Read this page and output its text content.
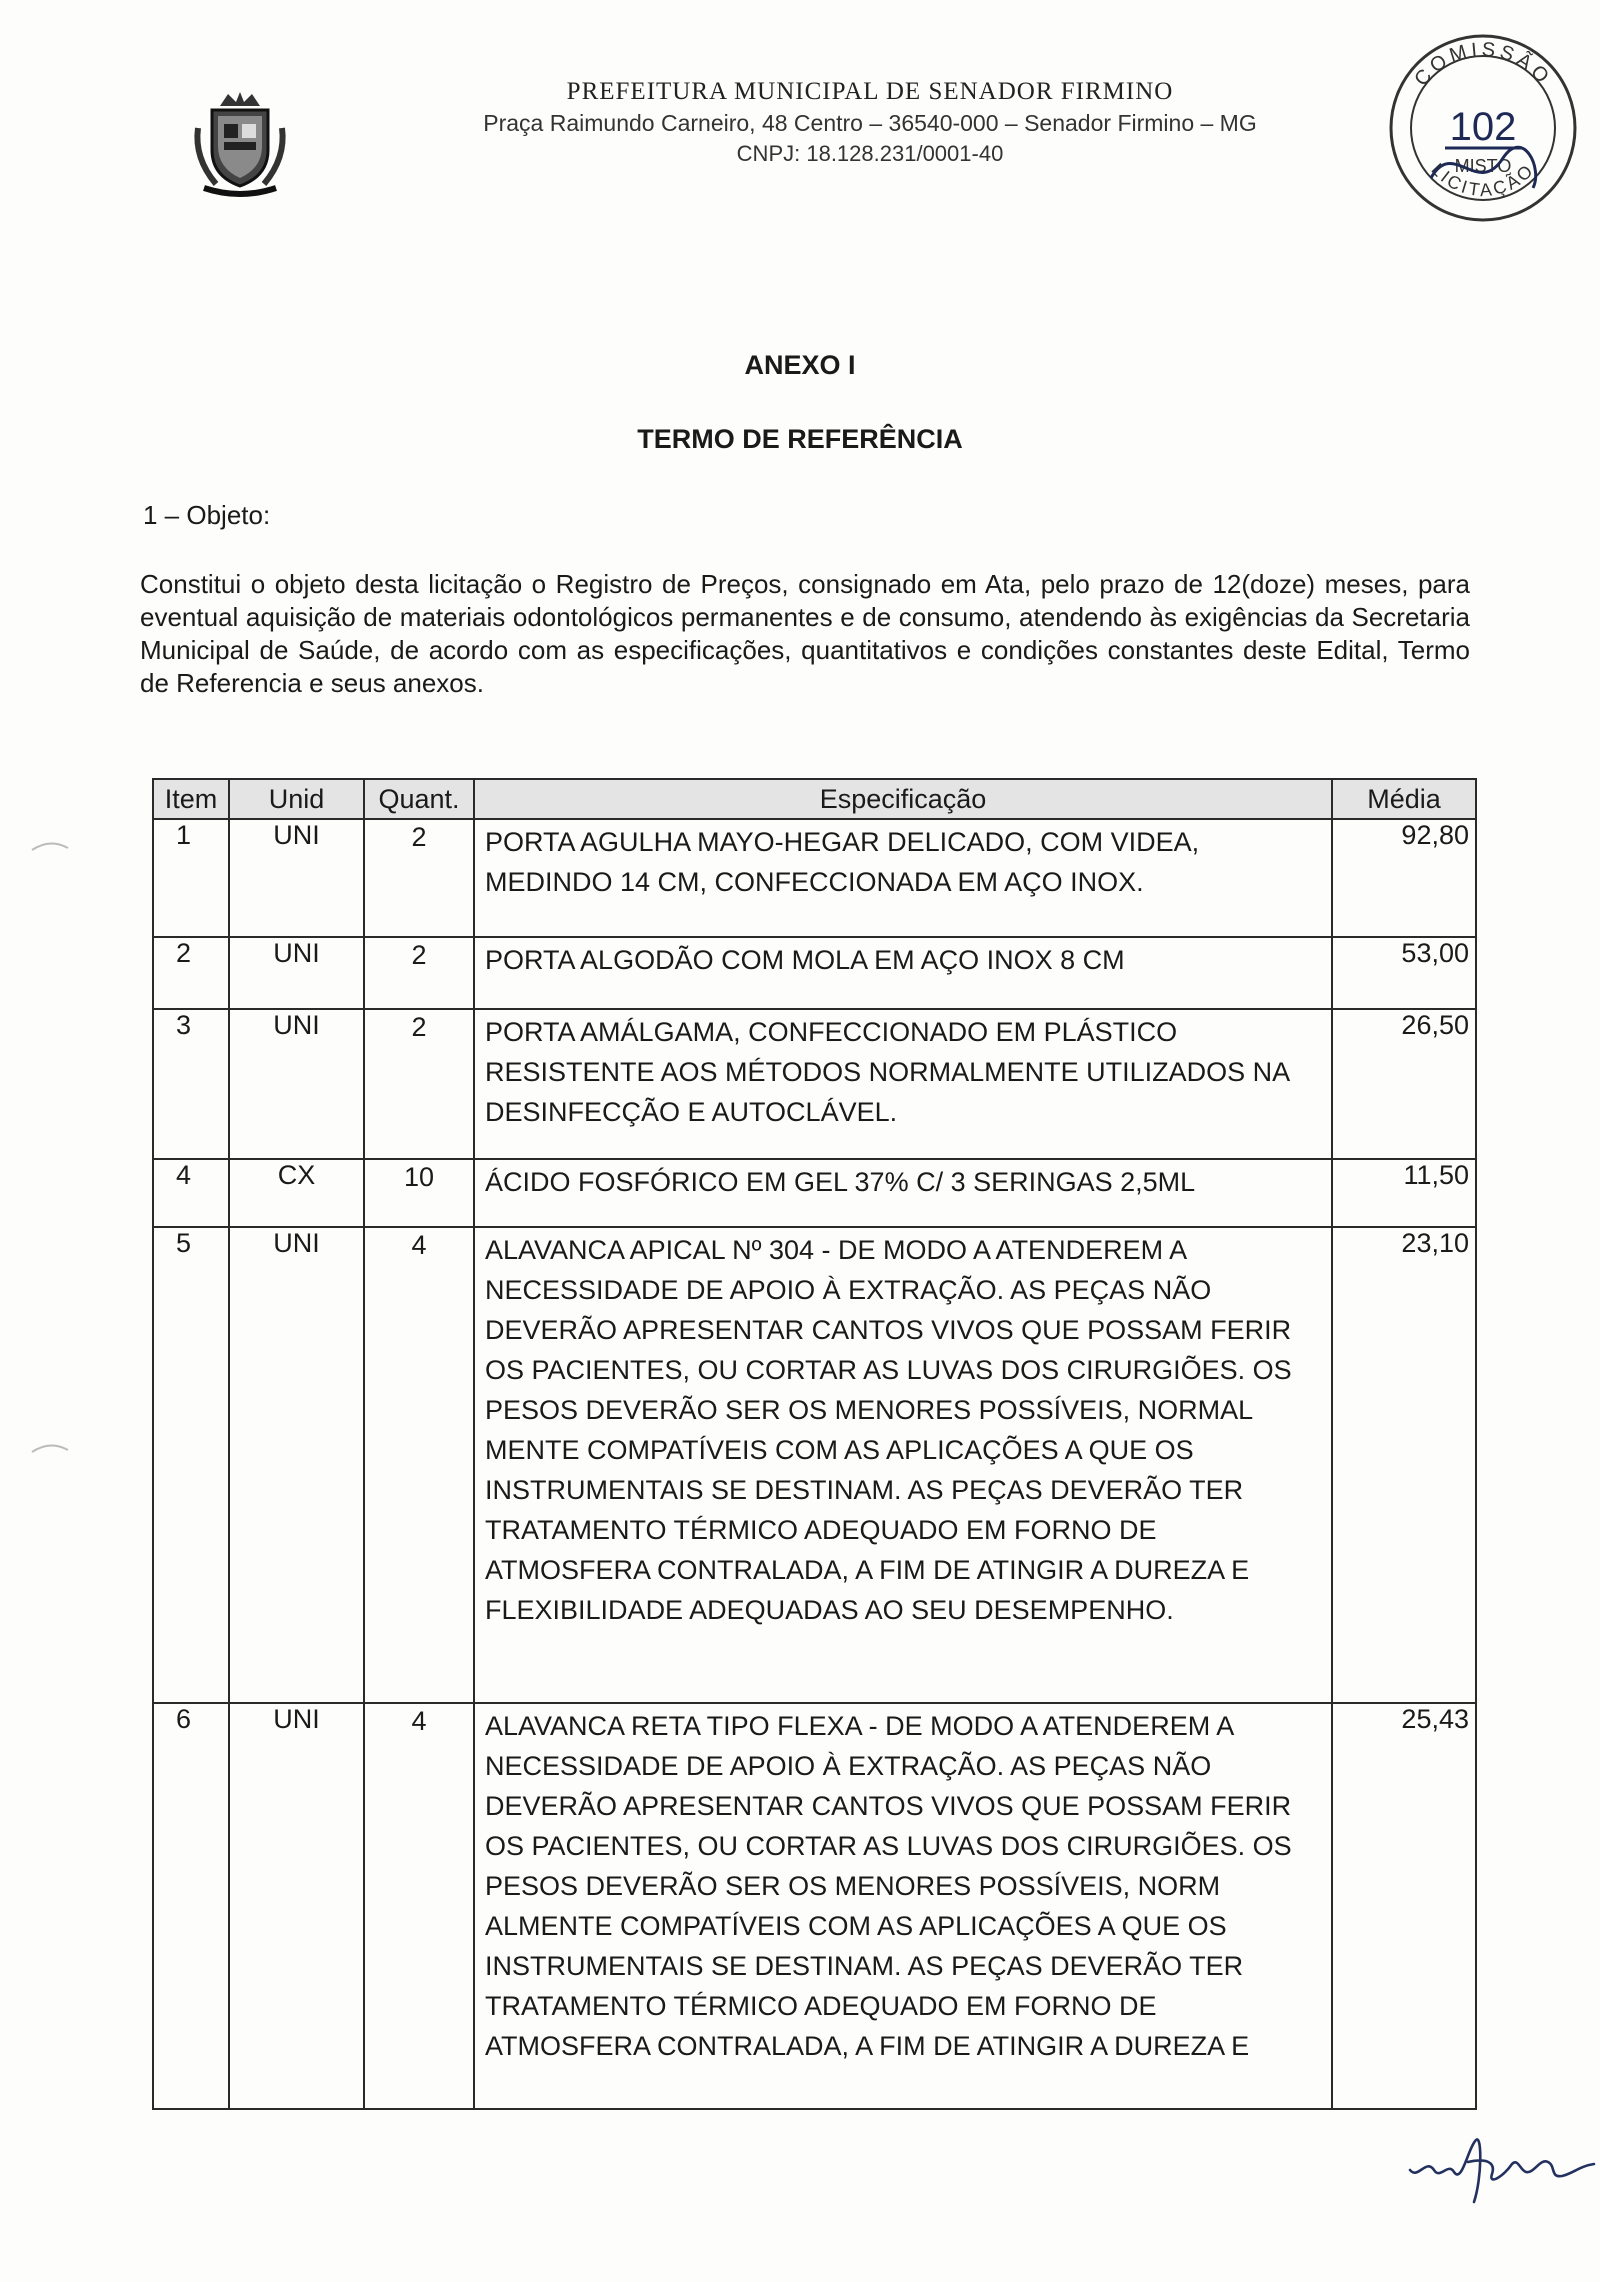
PREFEITURA MUNICIPAL DE SENADOR FIRMINO
Praça Raimundo Carneiro, 48 Centro – 36540-000 – Senador Firmino – MG
CNPJ: 18.128.231/0001-40
COMISSÃO
102
MISTO
LICITAÇÃO
ANEXO I
TERMO DE REFERÊNCIA
1 – Objeto:
Constitui o objeto desta licitação o Registro de Preços, consignado em Ata, pelo prazo de 12(doze) meses, para eventual aquisição de materiais odontológicos permanentes e de consumo, atendendo às exigências da Secretaria Municipal de Saúde, de acordo com as especificações, quantitativos e condições constantes deste Edital, Termo de Referencia e seus anexos.
Item	Unid	Quant.	Especificação	Média

1	UNI	2	PORTA AGULHA MAYO-HEGAR DELICADO, COM VIDEA, MEDINDO 14 CM, CONFECCIONADA EM AÇO INOX.	92,80

2	UNI	2	PORTA ALGODÃO COM MOLA EM AÇO INOX 8 CM	53,00

3	UNI	2	PORTA AMÁLGAMA, CONFECCIONADO EM PLÁSTICO RESISTENTE AOS MÉTODOS NORMALMENTE UTILIZADOS NA DESINFECÇÃO E AUTOCLÁVEL.	26,50

4	CX	10	ÁCIDO FOSFÓRICO EM GEL 37% C/ 3 SERINGAS 2,5ML	11,50

5	UNI	4	ALAVANCA APICAL Nº 304 - DE MODO A ATENDEREM A NECESSIDADE DE APOIO À EXTRAÇÃO. AS PEÇAS NÃO DEVERÃO APRESENTAR CANTOS VIVOS QUE POSSAM FERIR OS PACIENTES, OU CORTAR AS LUVAS DOS CIRURGIÕES. OS PESOS DEVERÃO SER OS MENORES POSSÍVEIS, NORMAL MENTE COMPATÍVEIS COM AS APLICAÇÕES A QUE OS INSTRUMENTAIS SE DESTINAM. AS PEÇAS DEVERÃO TER TRATAMENTO TÉRMICO ADEQUADO EM FORNO DE ATMOSFERA CONTRALADA, A FIM DE ATINGIR A DUREZA E FLEXIBILIDADE ADEQUADAS AO SEU DESEMPENHO.	23,10

6	UNI	4	ALAVANCA RETA TIPO FLEXA - DE MODO A ATENDEREM A NECESSIDADE DE APOIO À EXTRAÇÃO. AS PEÇAS NÃO DEVERÃO APRESENTAR CANTOS VIVOS QUE POSSAM FERIR OS PACIENTES, OU CORTAR AS LUVAS DOS CIRURGIÕES. OS PESOS DEVERÃO SER OS MENORES POSSÍVEIS, NORM ALMENTE COMPATÍVEIS COM AS APLICAÇÕES A QUE OS INSTRUMENTAIS SE DESTINAM. AS PEÇAS DEVERÃO TER TRATAMENTO TÉRMICO ADEQUADO EM FORNO DE ATMOSFERA CONTRALADA, A FIM DE ATINGIR A DUREZA E	25,43
